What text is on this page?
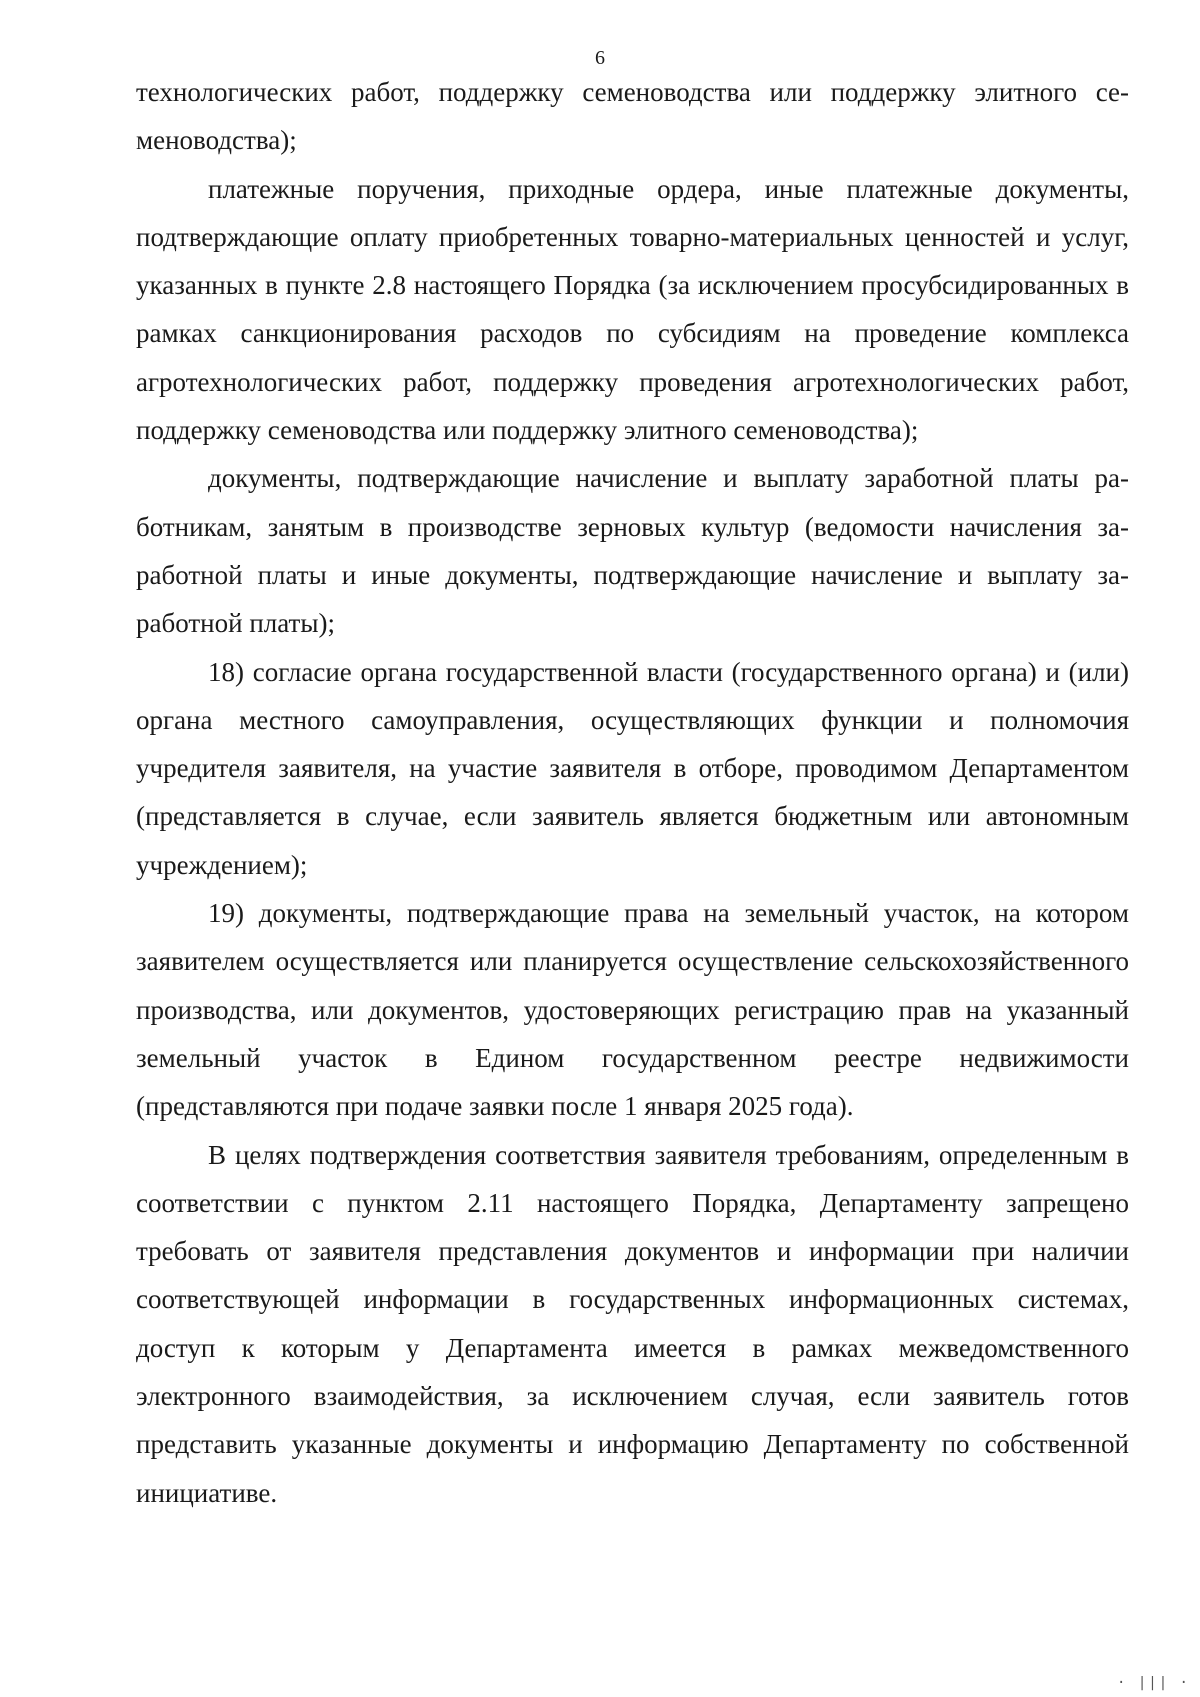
6

технологических работ, поддержку семеноводства или поддержку элитного семеноводства);

платежные поручения, приходные ордера, иные платежные документы, подтверждающие оплату приобретенных товарно-материальных ценностей и услуг, указанных в пункте 2.8 настоящего Порядка (за исключением просубсидированных в рамках санкционирования расходов по субсидиям на проведение комплекса агротехнологических работ, поддержку проведения агротехнологических работ, поддержку семеноводства или поддержку элитного семеноводства);

документы, подтверждающие начисление и выплату заработной платы работникам, занятым в производстве зерновых культур (ведомости начисления заработной платы и иные документы, подтверждающие начисление и выплату заработной платы);

18) согласие органа государственной власти (государственного органа) и (или) органа местного самоуправления, осуществляющих функции и полномочия учредителя заявителя, на участие заявителя в отборе, проводимом Департаментом (представляется в случае, если заявитель является бюджетным или автономным учреждением);

19) документы, подтверждающие права на земельный участок, на котором заявителем осуществляется или планируется осуществление сельскохозяйственного производства, или документов, удостоверяющих регистрацию прав на указанный земельный участок в Едином государственном реестре недвижимости (представляются при подаче заявки после 1 января 2025 года).

В целях подтверждения соответствия заявителя требованиям, определенным в соответствии с пунктом 2.11 настоящего Порядка, Департаменту запрещено требовать от заявителя представления документов и информации при наличии соответствующей информации в государственных информационных системах, доступ к которым у Департамента имеется в рамках межведомственного электронного взаимодействия, за исключением случая, если заявитель готов представить указанные документы и информацию Департаменту по собственной инициативе.

· ||| ·
